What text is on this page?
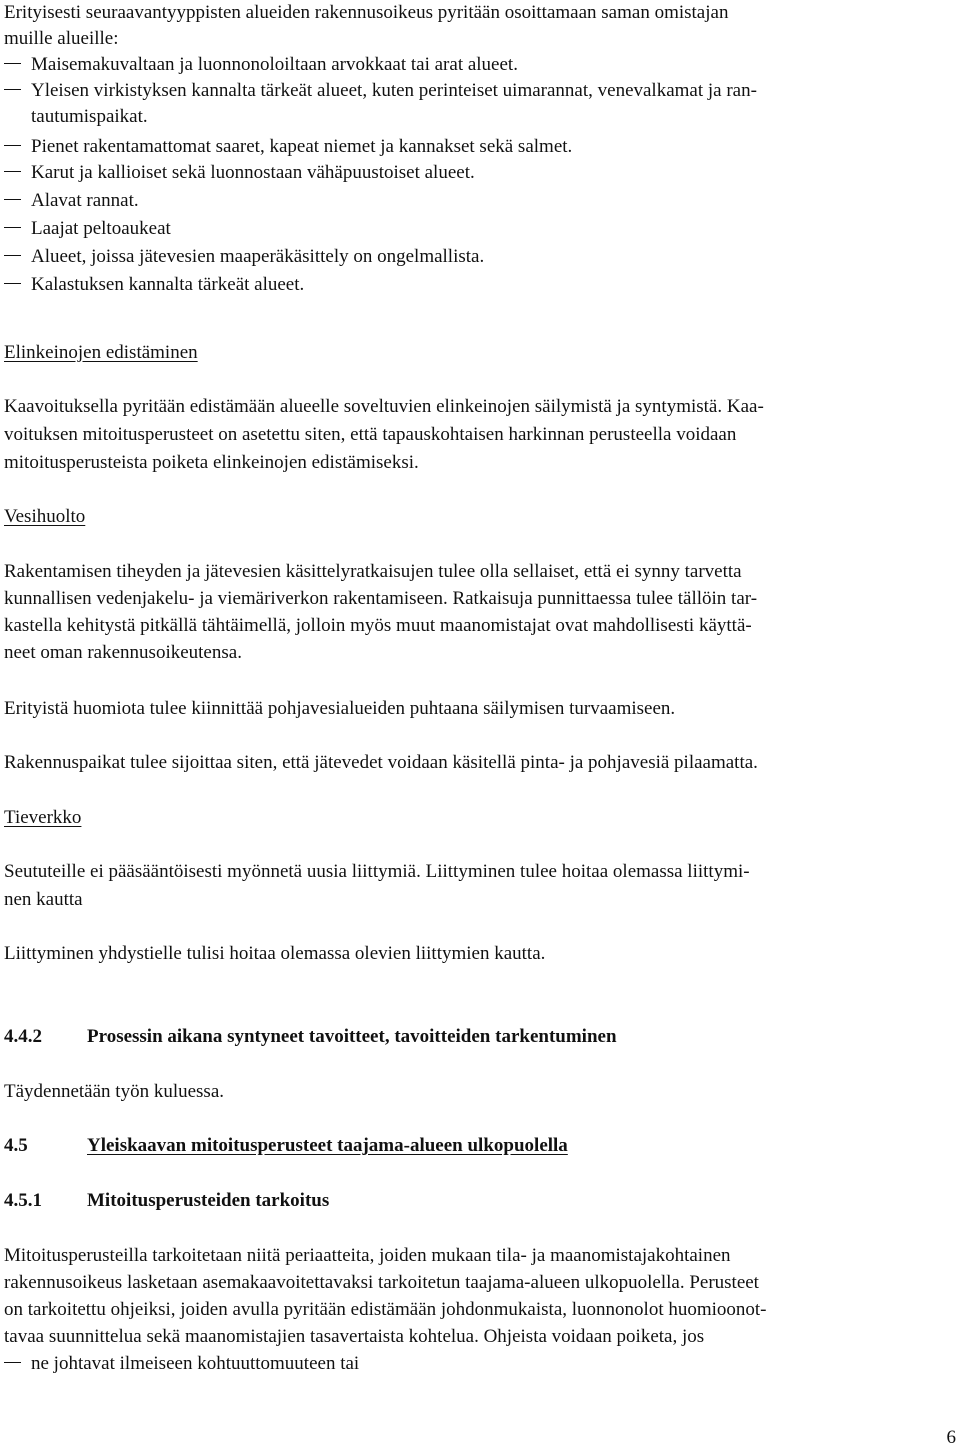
Erityisesti seuraavantyyppisten alueiden rakennusoikeus pyritään osoittamaan saman omistajan

muille alueille:

Maisemakuvaltaan ja luonnonoloiltaan arvokkaat tai arat alueet.

Yleisen virkistyksen kannalta tärkeät alueet, kuten perinteiset uimarannat, venevalkamat ja ran-

tautumispaikat.

Pienet rakentamattomat saaret, kapeat niemet ja kannakset sekä salmet.

Karut ja kallioiset sekä luonnostaan vähäpuustoiset alueet.

Alavat rannat.

Laajat peltoaukeat

Alueet, joissa jätevesien maaperäkäsittely on ongelmallista.

Kalastuksen kannalta tärkeät alueet.

Elinkeinojen edistäminen

Kaavoituksella pyritään edistämään alueelle soveltuvien elinkeinojen säilymistä ja syntymistä. Kaa-

voituksen mitoitusperusteet on asetettu siten, että tapauskohtaisen harkinnan perusteella voidaan

mitoitusperusteista poiketa elinkeinojen edistämiseksi.

Vesihuolto

Rakentamisen tiheyden ja jätevesien käsittelyratkaisujen tulee olla sellaiset, että ei synny tarvetta

kunnallisen vedenjakelu- ja viemäriverkon rakentamiseen. Ratkaisuja punnittaessa tulee tällöin tar-

kastella kehitystä pitkällä tähtäimellä, jolloin myös muut maanomistajat ovat mahdollisesti käyttä-

neet oman rakennusoikeutensa.

Erityistä huomiota tulee kiinnittää pohjavesialueiden puhtaana säilymisen turvaamiseen.

Rakennuspaikat tulee sijoittaa siten, että jätevedet voidaan käsitellä pinta- ja pohjavesiä pilaamatta.

Tieverkko

Seututeille ei pääsääntöisesti myönnetä uusia liittymiä. Liittyminen tulee hoitaa olemassa liittymi-

nen kautta

Liittyminen yhdystielle tulisi hoitaa olemassa olevien liittymien kautta.

4.4.2 Prosessin aikana syntyneet tavoitteet, tavoitteiden tarkentuminen

Täydennetään työn kuluessa.

4.5	Yleiskaavan mitoitusperusteet taajama-alueen ulkopuolella

4.5.1 Mitoitusperusteiden tarkoitus

Mitoitusperusteilla tarkoitetaan niitä periaatteita, joiden mukaan tila- ja maanomistajakohtainen

rakennusoikeus lasketaan asemakaavoitettavaksi tarkoitetun taajama-alueen ulkopuolella. Perusteet

on tarkoitettu ohjeiksi, joiden avulla pyritään edistämään johdonmukaista, luonnonolot huomioonot-

tavaa suunnittelua sekä maanomistajien tasavertaista kohtelua. Ohjeista voidaan poiketa, jos

ne johtavat ilmeiseen kohtuuttomuuteen tai

6
